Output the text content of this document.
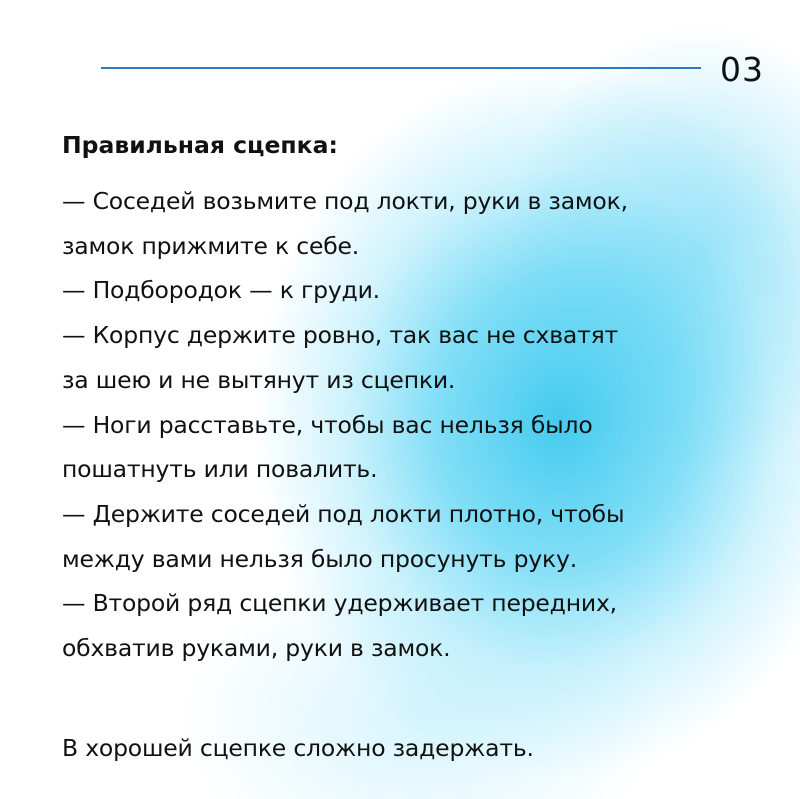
03
Правильная сцепка:
— Соседей возьмите под локти, руки в замок,
замок прижмите к себе.
— Подбородок — к груди.
— Корпус держите ровно, так вас не схватят
за шею и не вытянут из сцепки.
— Ноги расставьте, чтобы вас нельзя было
пошатнуть или повалить.
— Держите соседей под локти плотно, чтобы
между вами нельзя было просунуть руку.
— Второй ряд сцепки удерживает передних,
обхватив руками, руки в замок.
В хорошей сцепке сложно задержать.
